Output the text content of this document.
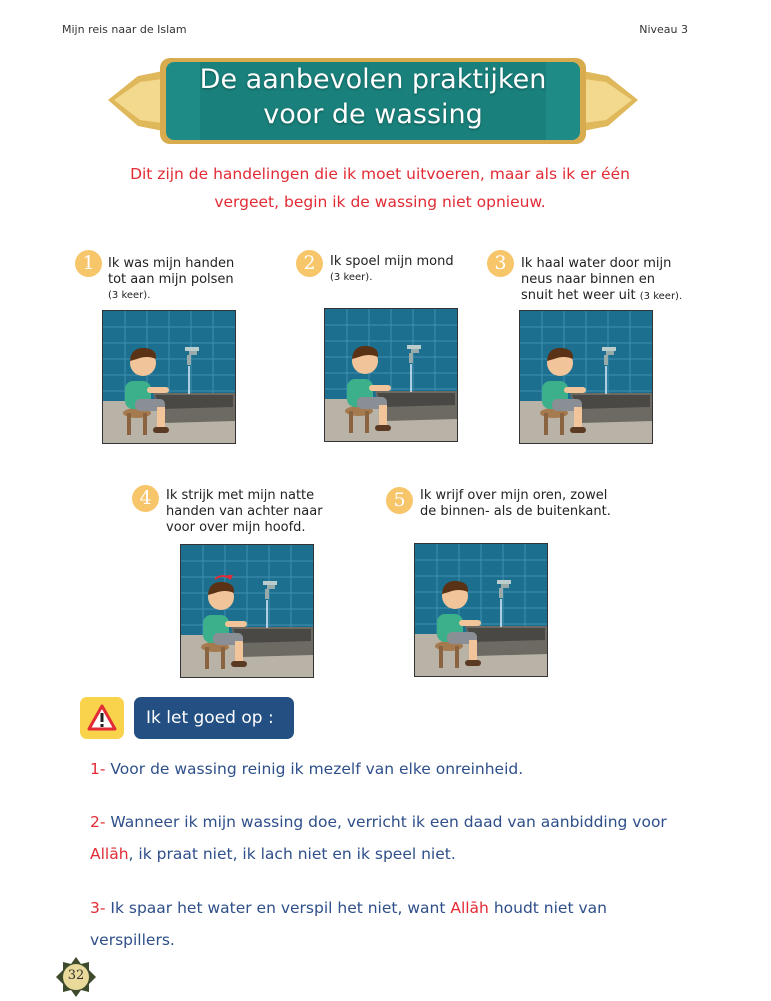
Mijn reis naar de Islam	Niveau 3
De aanbevolen praktijken
voor de wassing
Dit zijn de handelingen die ik moet uitvoeren, maar als ik er één vergeet, begin ik de wassing niet opnieuw.
1	Ik was mijn handen
tot aan mijn polsen
(3 keer).
2	Ik spoel mijn mond
(3 keer).
3	Ik haal water door mijn
neus naar binnen en
snuit het weer uit (3 keer).
4	Ik strijk met mijn natte
handen van achter naar
voor over mijn hoofd.
5	Ik wrijf over mijn oren, zowel
de binnen- als de buitenkant.
Ik let goed op :
1- Voor de wassing reinig ik mezelf van elke onreinheid.
2- Wanneer ik mijn wassing doe, verricht ik een daad van aanbidding voor
Allāh, ik praat niet, ik lach niet en ik speel niet.
3- Ik spaar het water en verspil het niet, want Allāh houdt niet van
verspillers.
32
